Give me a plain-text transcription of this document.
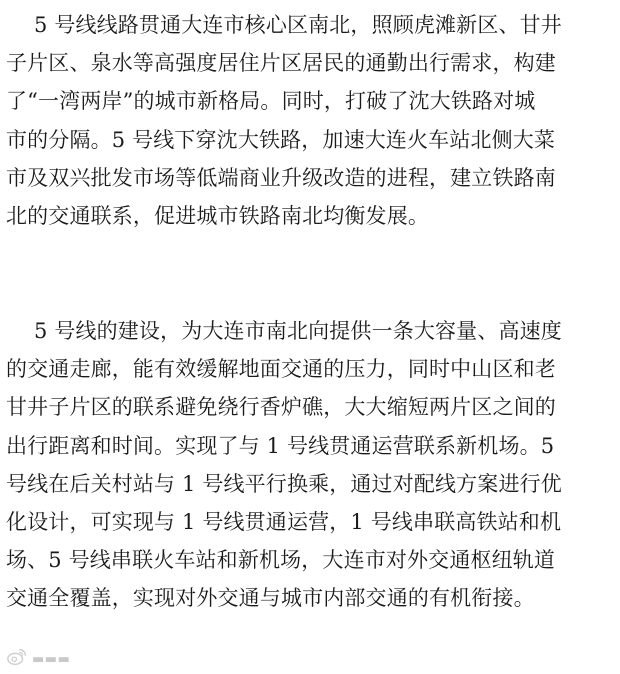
5 号线线路贯通大连市核心区南北，照顾虎滩新区、甘井
子片区、泉水等高强度居住片区居民的通勤出行需求，构建
了“一湾两岸”的城市新格局。同时，打破了沈大铁路对城
市的分隔。5 号线下穿沈大铁路，加速大连火车站北侧大菜
市及双兴批发市场等低端商业升级改造的进程，建立铁路南
北的交通联系，促进城市铁路南北均衡发展。
5 号线的建设，为大连市南北向提供一条大容量、高速度
的交通走廊，能有效缓解地面交通的压力，同时中山区和老
甘井子片区的联系避免绕行香炉礁，大大缩短两片区之间的
出行距离和时间。实现了与 1 号线贯通运营联系新机场。5
号线在后关村站与 1 号线平行换乘，通过对配线方案进行优
化设计，可实现与 1 号线贯通运营，1 号线串联高铁站和机
场、5 号线串联火车站和新机场，大连市对外交通枢纽轨道
交通全覆盖，实现对外交通与城市内部交通的有机衔接。
▬▬▬
